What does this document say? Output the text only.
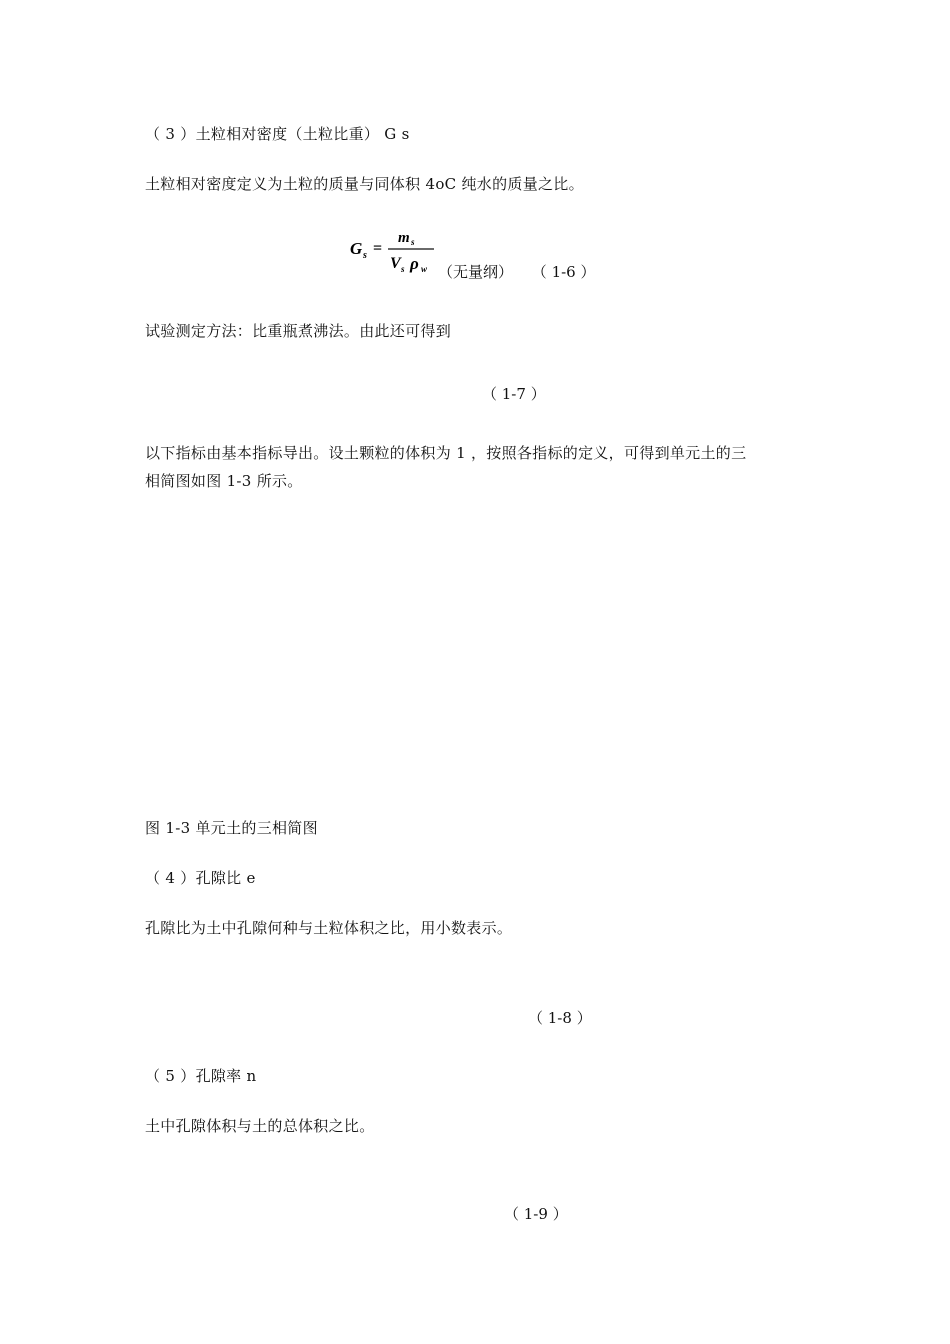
（ 3 ）土粒相对密度（土粒比重） G s
土粒相对密度定义为土粒的质量与同体积 4oC 纯水的质量之比。
G s =
m s
V s ρ w （无量纲） （ 1-6 ）
试验测定方法：比重瓶煮沸法。由此还可得到
（ 1-7 ）
以下指标由基本指标导出。设土颗粒的体积为 1 ，按照各指标的定义，可得到单元土的三
相简图如图 1-3 所示。
图 1-3 单元土的三相简图
（ 4 ）孔隙比 e
孔隙比为土中孔隙何种与土粒体积之比，用小数表示。
（ 1-8 ）
（ 5 ）孔隙率 n
土中孔隙体积与土的总体积之比。
（ 1-9 ）
